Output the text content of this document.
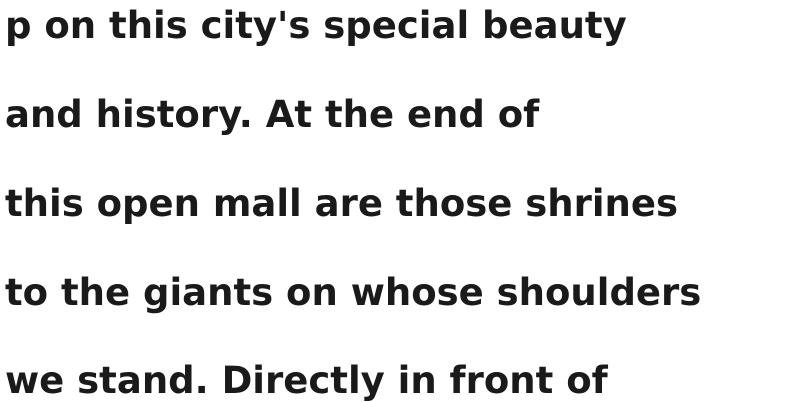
p on this city's special beauty
and history. At the end of
this open mall are those shrines
to the giants on whose shoulders
we stand. Directly in front of
